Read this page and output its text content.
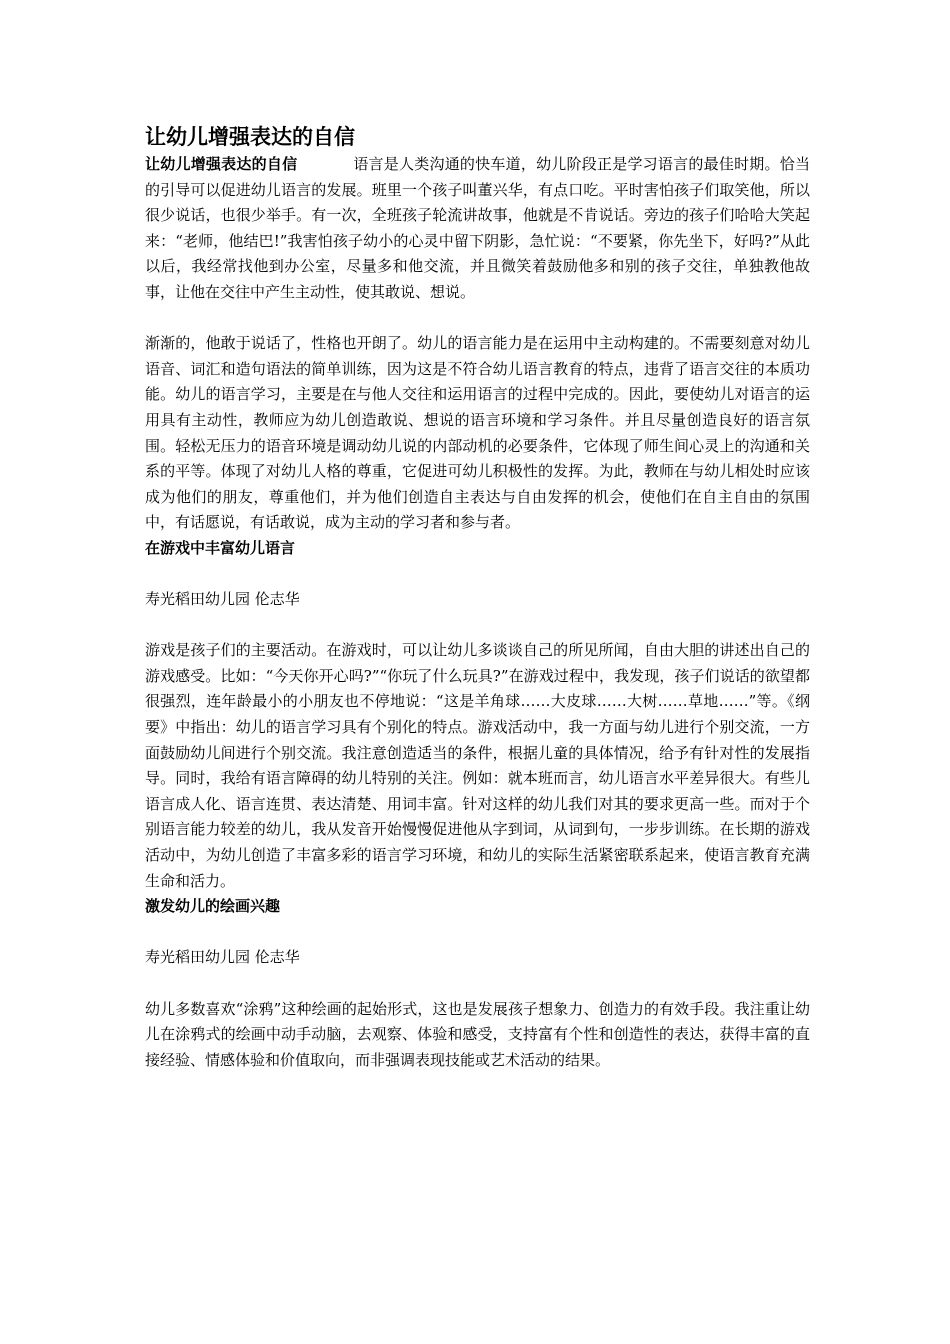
让幼儿增强表达的自信

让幼儿增强表达的自信	语言是人类沟通的快车道，幼儿阶段正是学习语言的最佳时期。恰当的引导可以促进幼儿语言的发展。班里一个孩子叫董兴华，有点口吃。平时害怕孩子们取笑他，所以很少说话，也很少举手。有一次，全班孩子轮流讲故事，他就是不肯说话。旁边的孩子们哈哈大笑起来：“老师，他结巴!”我害怕孩子幼小的心灵中留下阴影，急忙说：“不要紧，你先坐下，好吗?”从此以后，我经常找他到办公室，尽量多和他交流，并且微笑着鼓励他多和别的孩子交往，单独教他故事，让他在交往中产生主动性，使其敢说、想说。

渐渐的，他敢于说话了，性格也开朗了。幼儿的语言能力是在运用中主动构建的。不需要刻意对幼儿语音、词汇和造句语法的简单训练，因为这是不符合幼儿语言教育的特点，违背了语言交往的本质功能。幼儿的语言学习，主要是在与他人交往和运用语言的过程中完成的。因此，要使幼儿对语言的运用具有主动性，教师应为幼儿创造敢说、想说的语言环境和学习条件。并且尽量创造良好的语言氛围。轻松无压力的语音环境是调动幼儿说的内部动机的必要条件，它体现了师生间心灵上的沟通和关系的平等。体现了对幼儿人格的尊重，它促进可幼儿积极性的发挥。为此，教师在与幼儿相处时应该成为他们的朋友，尊重他们，并为他们创造自主表达与自由发挥的机会，使他们在自主自由的氛围中，有话愿说，有话敢说，成为主动的学习者和参与者。

在游戏中丰富幼儿语言

寿光稻田幼儿园 伦志华

游戏是孩子们的主要活动。在游戏时，可以让幼儿多谈谈自己的所见所闻，自由大胆的讲述出自己的游戏感受。比如：“今天你开心吗?”“你玩了什么玩具?”在游戏过程中，我发现，孩子们说话的欲望都很强烈，连年龄最小的小朋友也不停地说：“这是羊角球……大皮球……大树……草地……”等。《纲要》中指出：幼儿的语言学习具有个别化的特点。游戏活动中，我一方面与幼儿进行个别交流，一方面鼓励幼儿间进行个别交流。我注意创造适当的条件，根据儿童的具体情况，给予有针对性的发展指导。同时，我给有语言障碍的幼儿特别的关注。例如：就本班而言，幼儿语言水平差异很大。有些儿语言成人化、语言连贯、表达清楚、用词丰富。针对这样的幼儿我们对其的要求更高一些。而对于个别语言能力较差的幼儿，我从发音开始慢慢促进他从字到词，从词到句，一步步训练。在长期的游戏活动中，为幼儿创造了丰富多彩的语言学习环境，和幼儿的实际生活紧密联系起来，使语言教育充满生命和活力。

激发幼儿的绘画兴趣

寿光稻田幼儿园 伦志华

幼儿多数喜欢“涂鸦”这种绘画的起始形式，这也是发展孩子想象力、创造力的有效手段。我注重让幼儿在涂鸦式的绘画中动手动脑，去观察、体验和感受，支持富有个性和创造性的表达，获得丰富的直接经验、情感体验和价值取向，而非强调表现技能或艺术活动的结果。
